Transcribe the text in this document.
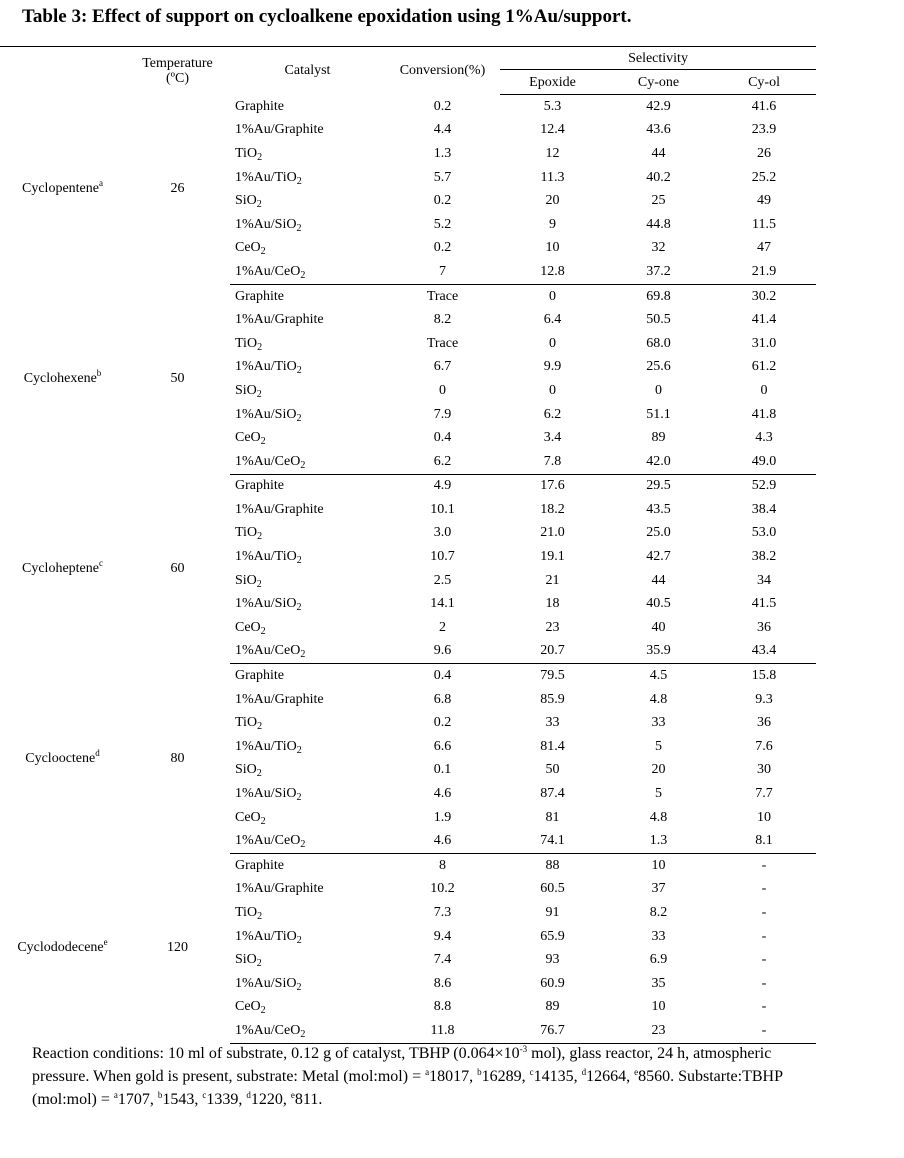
Table 3: Effect of support on cycloalkene epoxidation using 1%Au/support.
	Temperature
(ºC)	Catalyst	Conversion(%)	Selectivity		
				Epoxide	Cy-one	Cy-ol
Cyclopentene$^a$	26	Graphite	0.2	5.3	42.9	41.6
		1%Au/Graphite	4.4	12.4	43.6	23.9
		TiO$_2$	1.3	12	44	26
		1%Au/TiO$_2$	5.7	11.3	40.2	25.2
		SiO$_2$	0.2	20	25	49
		1%Au/SiO$_2$	5.2	9	44.8	11.5
		CeO$_2$	0.2	10	32	47
		1%Au/CeO$_2$	7	12.8	37.2	21.9
Cyclohexene$^b$	50	Graphite	Trace	0	69.8	30.2
		1%Au/Graphite	8.2	6.4	50.5	41.4
		TiO$_2$	Trace	0	68.0	31.0
		1%Au/TiO$_2$	6.7	9.9	25.6	61.2
		SiO$_2$	0	0	0	0
		1%Au/SiO$_2$	7.9	6.2	51.1	41.8
		CeO$_2$	0.4	3.4	89	4.3
		1%Au/CeO$_2$	6.2	7.8	42.0	49.0
Cycloheptene$^c$	60	Graphite	4.9	17.6	29.5	52.9
		1%Au/Graphite	10.1	18.2	43.5	38.4
		TiO$_2$	3.0	21.0	25.0	53.0
		1%Au/TiO$_2$	10.7	19.1	42.7	38.2
		SiO$_2$	2.5	21	44	34
		1%Au/SiO$_2$	14.1	18	40.5	41.5
		CeO$_2$	2	23	40	36
		1%Au/CeO$_2$	9.6	20.7	35.9	43.4
Cyclooctene$^d$	80	Graphite	0.4	79.5	4.5	15.8
		1%Au/Graphite	6.8	85.9	4.8	9.3
		TiO$_2$	0.2	33	33	36
		1%Au/TiO$_2$	6.6	81.4	5	7.6
		SiO$_2$	0.1	50	20	30
		1%Au/SiO$_2$	4.6	87.4	5	7.7
		CeO$_2$	1.9	81	4.8	10
		1%Au/CeO$_2$	4.6	74.1	1.3	8.1
Cyclododecene$^e$	120	Graphite	8	88	10	-
		1%Au/Graphite	10.2	60.5	37	-
		TiO$_2$	7.3	91	8.2	-
		1%Au/TiO$_2$	9.4	65.9	33	-
		SiO$_2$	7.4	93	6.9	-
		1%Au/SiO$_2$	8.6	60.9	35	-
		CeO$_2$	8.8	89	10	-
		1%Au/CeO$_2$	11.8	76.7	23	-

Reaction conditions: 10 ml of substrate, 0.12 g of catalyst, TBHP ($0.064\times 10^{-3}$ mol), glass reactor, 24 h, atmospheric pressure. When gold is present, substrate: Metal (mol:mol) = $^a$18017, $^b$16289, $^c$14135, $^d$12664, $^e$8560. Substarte:TBHP (mol:mol) = $^a$1707, $^b$1543, $^c$1339, $^d$1220, $^e$811.
